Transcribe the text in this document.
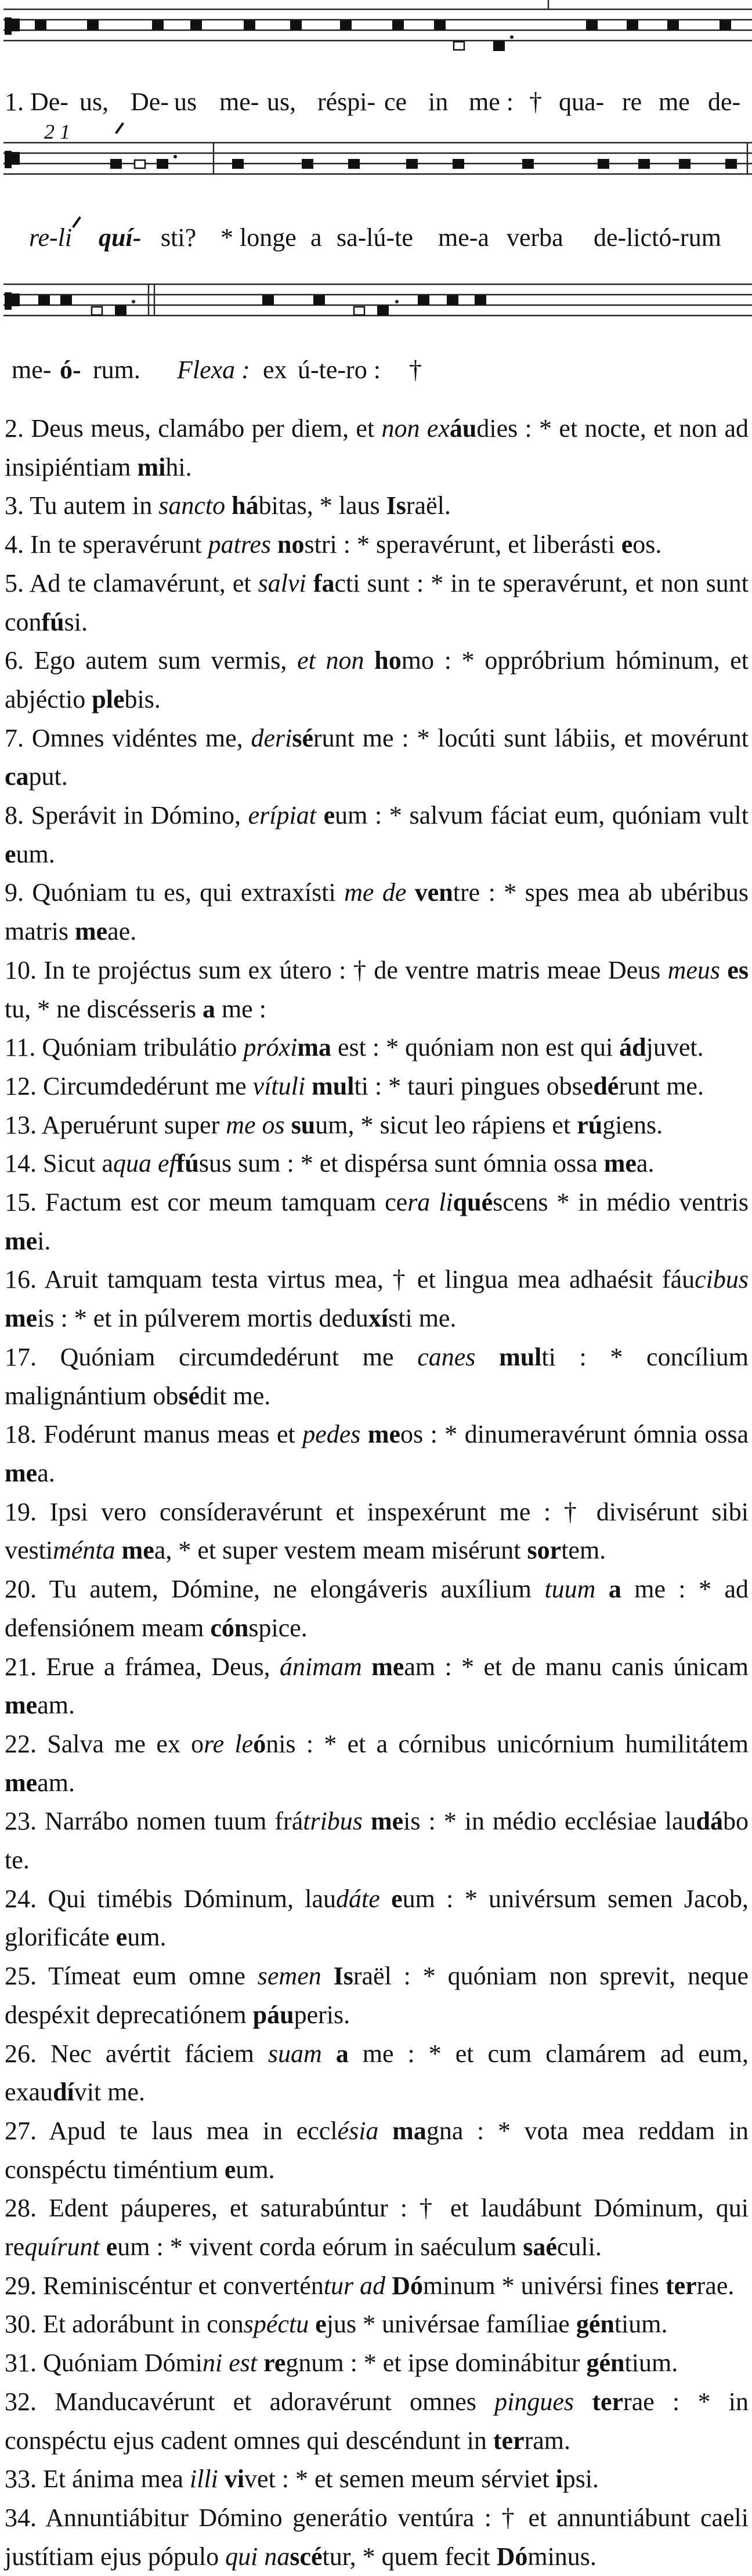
1. De- us, De- us me- us, réspi- ce in me : † qua- re me de-
2 1
re-li quí- sti? * longe a sa-lú-te me-a verba de-lictó-rum
me- ó- rum. Flexa : ex ú-te-ro : †
2. Deus meus, clamábo per diem, et non exáudies : * et nocte, et non ad insipiéntiam mihi.
3. Tu autem in sancto hábitas, * laus Israël.
4. In te speravérunt patres nostri : * speravérunt, et liberásti eos.
5. Ad te clamavérunt, et salvi facti sunt : * in te speravérunt, et non sunt confúsi.
6. Ego autem sum vermis, et non homo : * oppróbrium hóminum, et abjéctio plebis.
7. Omnes vidéntes me, derisérunt me : * locúti sunt lábiis, et movérunt caput.
8. Sperávit in Dómino, erípiat eum : * salvum fáciat eum, quóniam vult eum.
9. Quóniam tu es, qui extraxísti me de ventre : * spes mea ab ubéribus matris meae.
10. In te projéctus sum ex útero : † de ventre matris meae Deus meus es tu, * ne discésseris a me :
11. Quóniam tribulátio próxima est : * quóniam non est qui ádjuvet.
12. Circumdedérunt me vítuli multi : * tauri pingues obsedérunt me.
13. Aperuérunt super me os suum, * sicut leo rápiens et rúgiens.
14. Sicut aqua effúsus sum : * et dispérsa sunt ómnia ossa mea.
15. Factum est cor meum tamquam cera liquéscens * in médio ventris mei.
16. Aruit tamquam testa virtus mea, † et lingua mea adhaésit fáucibus meis : * et in púlverem mortis deduxísti me.
17. Quóniam circumdedérunt me canes multi : * concílium malignántium obsédit me.
18. Fodérunt manus meas et pedes meos : * dinumeravérunt ómnia ossa mea.
19. Ipsi vero consíderavérunt et inspexérunt me : † divisérunt sibi vestiménta mea, * et super vestem meam misérunt sortem.
20. Tu autem, Dómine, ne elongáveris auxílium tuum a me : * ad defensiónem meam cónspice.
21. Erue a frámea, Deus, ánimam meam : * et de manu canis únicam meam.
22. Salva me ex ore leónis : * et a córnibus unicórnium humilitátem meam.
23. Narrábo nomen tuum frátribus meis : * in médio ecclésiae laudábo te.
24. Qui timébis Dóminum, laudáte eum : * univérsum semen Jacob, glorificáte eum.
25. Tímeat eum omne semen Israël : * quóniam non sprevit, neque despéxit deprecatiónem páuperis.
26. Nec avértit fáciem suam a me : * et cum clamárem ad eum, exaudívit me.
27. Apud te laus mea in ecclésia magna : * vota mea reddam in conspéctu timéntium eum.
28. Edent páuperes, et saturabúntur : † et laudábunt Dóminum, qui requírunt eum : * vivent corda eórum in saéculum saéculi.
29. Reminiscéntur et converténtur ad Dóminum * univérsi fines terrae.
30. Et adorábunt in conspéctu ejus * univérsae famíliae géntium.
31. Quóniam Dómini est regnum : * et ipse dominábitur géntium.
32. Manducavérunt et adoravérunt omnes pingues terrae : * in conspéctu ejus cadent omnes qui descéndunt in terram.
33. Et ánima mea illi vivet : * et semen meum sérviet ipsi.
34. Annuntiábitur Dómino generátio ventúra : † et annuntiábunt caeli justítiam ejus pópulo qui nascétur, * quem fecit Dóminus.
